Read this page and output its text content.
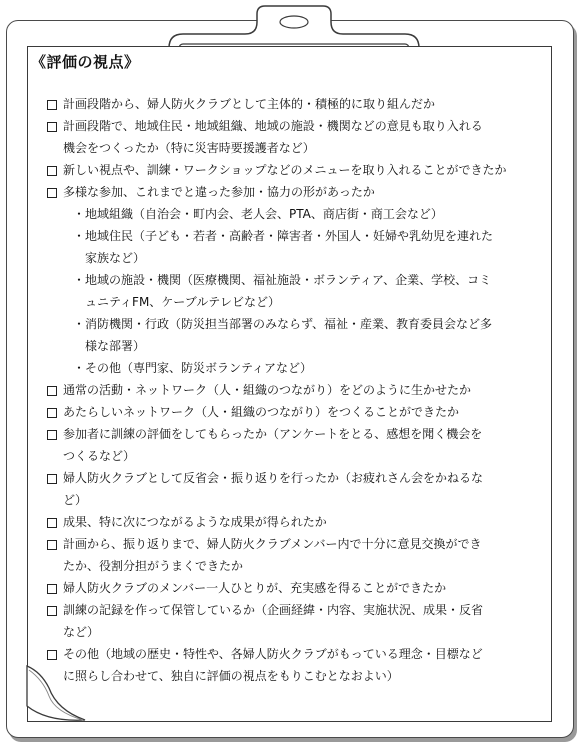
《評価の視点》
計画段階から、婦人防火クラブとして主体的・積極的に取り組んだか
計画段階で、地域住民・地域組織、地域の施設・機関などの意見も取り入れる
機会をつくったか（特に災害時要援護者など）
新しい視点や、訓練・ワークショップなどのメニューを取り入れることができたか
多様な参加、これまでと違った参加・協力の形があったか
・ 地域組織（自治会・町内会、老人会、PTA、商店街・商工会など）
・ 地域住民（子ども・若者・高齢者・障害者・外国人・妊婦や乳幼児を連れた
家族など）
・ 地域の施設・機関（医療機関、福祉施設・ボランティア、企業、学校、コミ
ュニティFM、ケーブルテレビなど）
・ 消防機関・行政（防災担当部署のみならず、福祉・産業、教育委員会など多
様な部署）
・ その他（専門家、防災ボランティアなど）
通常の活動・ネットワーク（人・組織のつながり）をどのように生かせたか
あたらしいネットワーク（人・組織のつながり）をつくることができたか
参加者に訓練の評価をしてもらったか（アンケートをとる、感想を聞く機会を
つくるなど）
婦人防火クラブとして反省会・振り返りを行ったか（お疲れさん会をかねるな
ど）
成果、特に次につながるような成果が得られたか
計画から、振り返りまで、婦人防火クラブメンバー内で十分に意見交換ができ
たか、役割分担がうまくできたか
婦人防火クラブのメンバー一人ひとりが、充実感を得ることができたか
訓練の記録を作って保管しているか（企画経緯・内容、実施状況、成果・反省
など）
その他（地域の歴史・特性や、各婦人防火クラブがもっている理念・目標など
に照らし合わせて、独自に評価の視点をもりこむとなおよい）
